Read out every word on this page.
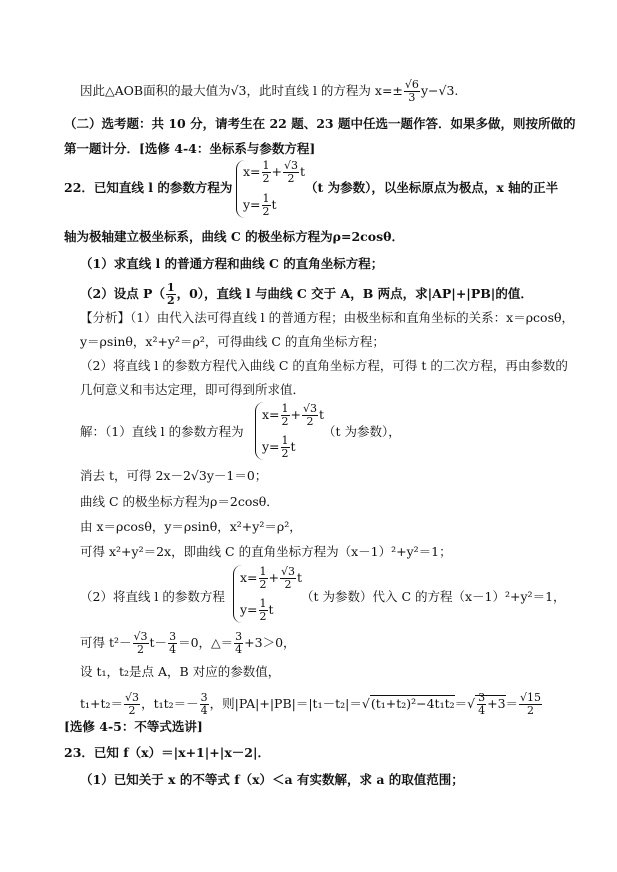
因此△AOB面积的最大值为√3，此时直线 l 的方程为 $x=\pm \frac{√6}{3} y-√3$.
（二）选考题：共 10 分，请考生在 22 题、23 题中任选一题作答．如果多做，则按所做的
第一题计分．[选修 4-4：坐标系与参数方程]
22．已知直线 l 的参数方程为
$x= \frac{1}{2} + \frac{√3}{2}$ t
$y= \frac{1}{2}$ t
（t 为参数），以坐标原点为极点，x 轴的正半
轴为极轴建立极坐标系，曲线 C 的极坐标方程为ρ=2cosθ．
（1）求直线 l 的普通方程和曲线 C 的直角坐标方程；
（2）设点 $P( \frac{1}{2}$ ，0），直线 l 与曲线 C 交于 A，B 两点，求|AP|+|PB|的值．
【分析】（1）由代入法可得直线 l 的普通方程；由极坐标和直角坐标的关系：x＝ρcosθ，
y＝ρsinθ，x²+y²＝ρ²，可得曲线 C 的直角坐标方程；
（2）将直线 l 的参数方程代入曲线 C 的直角坐标方程，可得 t 的二次方程，再由参数的
几何意义和韦达定理，即可得到所求值．
解：（1）直线 l 的参数方程为
$x= \frac{1}{2} + \frac{√3}{2}$ t
$y= \frac{1}{2}$ t
（t 为参数），
消去 t，可得 2x－2√3y－1＝0；
曲线 C 的极坐标方程为ρ＝2cosθ．
由 x＝ρcosθ，y＝ρsinθ，x²+y²＝ρ²，
可得 x²+y²＝2x，即曲线 C 的直角坐标方程为（x－1）²+y²＝1；
（2）将直线 l 的参数方程
$x= \frac{1}{2} + \frac{√3}{2}$ t
$y= \frac{1}{2}$ t
（t 为参数）代入 C 的方程（x－1）²+y²＝1，
可得 $t^2- \frac{√3}{2} t- \frac{3}{4} =0$，△＝ $\frac{3}{4} +3>0$，
设 t₁，t₂是点 A，B 对应的参数值，
$t_1+t_2= \frac{√3}{2}$ ，$t_1t_2=- \frac{3}{4}$ ，则$|PA|+|PB|=|t_1-t_2|=√(t_1+t_2)^2-4t_1t_2=√ \frac{3}{4} +3= \frac{√15}{2}$
[选修 4-5：不等式选讲]
23．已知 f（x）＝|x+1|+|x－2|．
（1）已知关于 x 的不等式 f（x）＜a 有实数解，求 a 的取值范围；
